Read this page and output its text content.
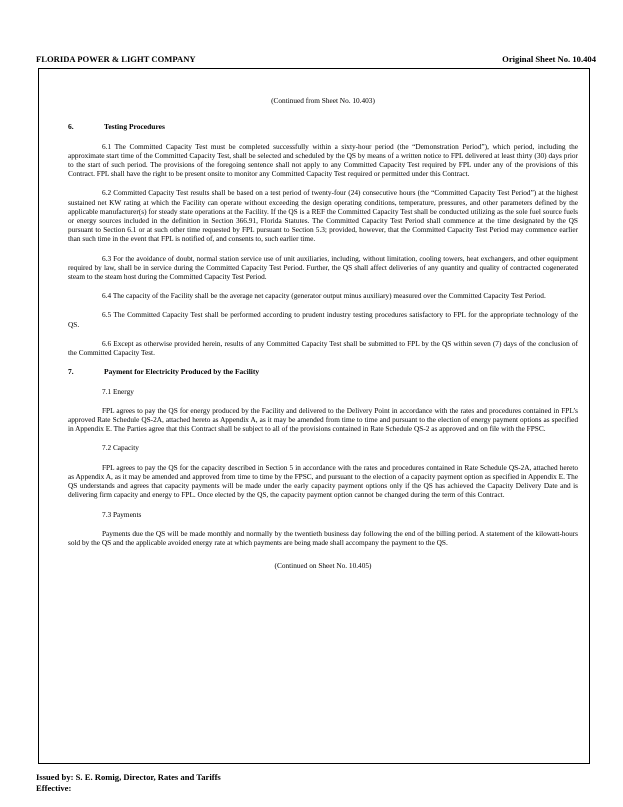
FLORIDA POWER & LIGHT COMPANY	Original Sheet No. 10.404

(Continued from Sheet No. 10.403)

6.	Testing Procedures

6.1 The Committed Capacity Test must be completed successfully within a sixty-hour period (the “Demonstration Period”), which period, including the approximate start time of the Committed Capacity Test, shall be selected and scheduled by the QS by means of a written notice to FPL delivered at least thirty (30) days prior to the start of such period. The provisions of the foregoing sentence shall not apply to any Committed Capacity Test required by FPL under any of the provisions of this Contract. FPL shall have the right to be present onsite to monitor any Committed Capacity Test required or permitted under this Contract.

6.2 Committed Capacity Test results shall be based on a test period of twenty-four (24) consecutive hours (the “Committed Capacity Test Period”) at the highest sustained net KW rating at which the Facility can operate without exceeding the design operating conditions, temperature, pressures, and other parameters defined by the applicable manufacturer(s) for steady state operations at the Facility. If the QS is a REF the Committed Capacity Test shall be conducted utilizing as the sole fuel source fuels or energy sources included in the definition in Section 366.91, Florida Statutes. The Committed Capacity Test Period shall commence at the time designated by the QS pursuant to Section 6.1 or at such other time requested by FPL pursuant to Section 5.3; provided, however, that the Committed Capacity Test Period may commence earlier than such time in the event that FPL is notified of, and consents to, such earlier time.

6.3 For the avoidance of doubt, normal station service use of unit auxiliaries, including, without limitation, cooling towers, heat exchangers, and other equipment required by law, shall be in service during the Committed Capacity Test Period. Further, the QS shall affect deliveries of any quantity and quality of contracted cogenerated steam to the steam host during the Committed Capacity Test Period.

6.4 The capacity of the Facility shall be the average net capacity (generator output minus auxiliary) measured over the Committed Capacity Test Period.

6.5 The Committed Capacity Test shall be performed according to prudent industry testing procedures satisfactory to FPL for the appropriate technology of the QS.

6.6 Except as otherwise provided herein, results of any Committed Capacity Test shall be submitted to FPL by the QS within seven (7) days of the conclusion of the Committed Capacity Test.

7.	Payment for Electricity Produced by the Facility

7.1 Energy

FPL agrees to pay the QS for energy produced by the Facility and delivered to the Delivery Point in accordance with the rates and procedures contained in FPL’s approved Rate Schedule QS-2A, attached hereto as Appendix A, as it may be amended from time to time and pursuant to the election of energy payment options as specified in Appendix E. The Parties agree that this Contract shall be subject to all of the provisions contained in Rate Schedule QS-2 as approved and on file with the FPSC.

7.2 Capacity

FPL agrees to pay the QS for the capacity described in Section 5 in accordance with the rates and procedures contained in Rate Schedule QS-2A, attached hereto as Appendix A, as it may be amended and approved from time to time by the FPSC, and pursuant to the election of a capacity payment option as specified in Appendix E. The QS understands and agrees that capacity payments will be made under the early capacity payment options only if the QS has achieved the Capacity Delivery Date and is delivering firm capacity and energy to FPL. Once elected by the QS, the capacity payment option cannot be changed during the term of this Contract.

7.3 Payments

Payments due the QS will be made monthly and normally by the twentieth business day following the end of the billing period. A statement of the kilowatt-hours sold by the QS and the applicable avoided energy rate at which payments are being made shall accompany the payment to the QS.

(Continued on Sheet No. 10.405)

Issued by: S. E. Romig, Director, Rates and Tariffs
Effective:
